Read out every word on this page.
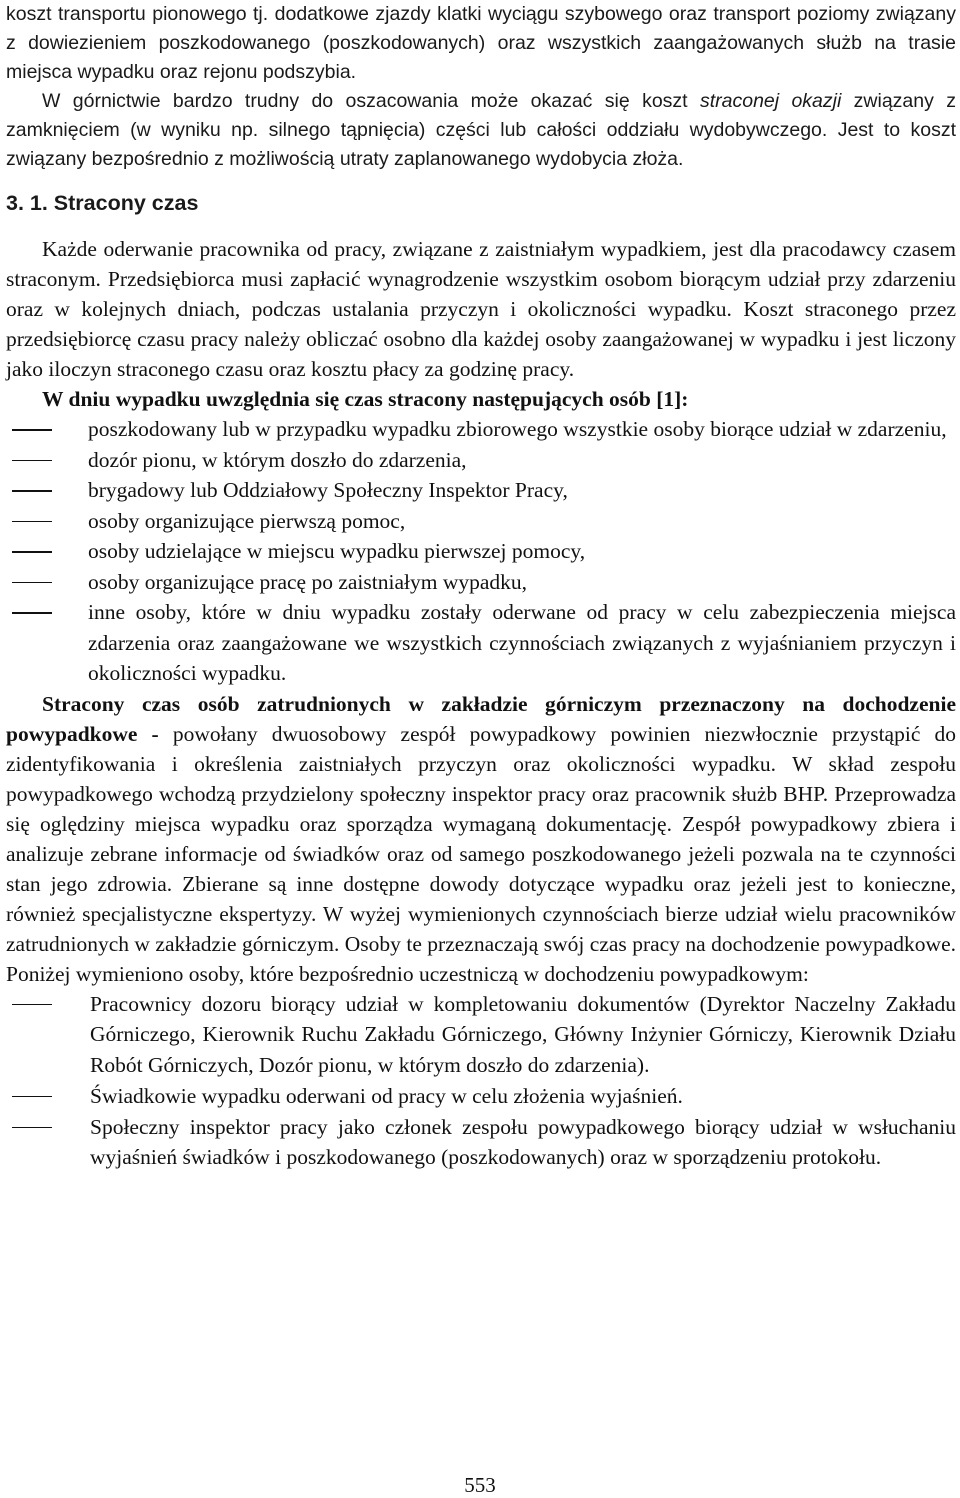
koszt transportu pionowego tj. dodatkowe zjazdy klatki wyciągu szybowego oraz transport poziomy związany z dowiezieniem poszkodowanego (poszkodowanych) oraz wszystkich zaangażowanych służb na trasie miejsca wypadku oraz rejonu podszybia.

W górnictwie bardzo trudny do oszacowania może okazać się koszt straconej okazji związany z zamknięciem (w wyniku np. silnego tąpnięcia) części lub całości oddziału wydobywczego. Jest to koszt związany bezpośrednio z możliwością utraty zaplanowanego wydobycia złoża.

3. 1. Stracony czas

Każde oderwanie pracownika od pracy, związane z zaistniałym wypadkiem, jest dla pracodawcy czasem straconym. Przedsiębiorca musi zapłacić wynagrodzenie wszystkim osobom biorącym udział przy zdarzeniu oraz w kolejnych dniach, podczas ustalania przyczyn i okoliczności wypadku. Koszt straconego przez przedsiębiorcę czasu pracy należy obliczać osobno dla każdej osoby zaangażowanej w wypadku i jest liczony jako iloczyn straconego czasu oraz kosztu płacy za godzinę pracy.

W dniu wypadku uwzględnia się czas stracony następujących osób [1]:

poszkodowany lub w przypadku wypadku zbiorowego wszystkie osoby biorące udział w zdarzeniu,
dozór pionu, w którym doszło do zdarzenia,
brygadowy lub Oddziałowy Społeczny Inspektor Pracy,
osoby organizujące pierwszą pomoc,
osoby udzielające w miejscu wypadku pierwszej pomocy,
osoby organizujące pracę po zaistniałym wypadku,
inne osoby, które w dniu wypadku zostały oderwane od pracy w celu zabezpieczenia miejsca zdarzenia oraz zaangażowane we wszystkich czynnościach związanych z wyjaśnianiem przyczyn i okoliczności wypadku.

Stracony czas osób zatrudnionych w zakładzie górniczym przeznaczony na dochodzenie powypadkowe - powołany dwuosobowy zespół powypadkowy powinien niezwłocznie przystąpić do zidentyfikowania i określenia zaistniałych przyczyn oraz okoliczności wypadku. W skład zespołu powypadkowego wchodzą przydzielony społeczny inspektor pracy oraz pracownik służb BHP. Przeprowadza się oględziny miejsca wypadku oraz sporządza wymaganą dokumentację. Zespół powypadkowy zbiera i analizuje zebrane informacje od świadków oraz od samego poszkodowanego jeżeli pozwala na te czynności stan jego zdrowia. Zbierane są inne dostępne dowody dotyczące wypadku oraz jeżeli jest to konieczne, również specjalistyczne ekspertyzy. W wyżej wymienionych czynnościach bierze udział wielu pracowników zatrudnionych w zakładzie górniczym. Osoby te przeznaczają swój czas pracy na dochodzenie powypadkowe. Poniżej wymieniono osoby, które bezpośrednio uczestniczą w dochodzeniu powypadkowym:

Pracownicy dozoru biorący udział w kompletowaniu dokumentów (Dyrektor Naczelny Zakładu Górniczego, Kierownik Ruchu Zakładu Górniczego, Główny Inżynier Górniczy, Kierownik Działu Robót Górniczych, Dozór pionu, w którym doszło do zdarzenia).
Świadkowie wypadku oderwani od pracy w celu złożenia wyjaśnień.
Społeczny inspektor pracy jako członek zespołu powypadkowego biorący udział w wsłuchaniu wyjaśnień świadków i poszkodowanego (poszkodowanych) oraz w sporządzeniu protokołu.
553
